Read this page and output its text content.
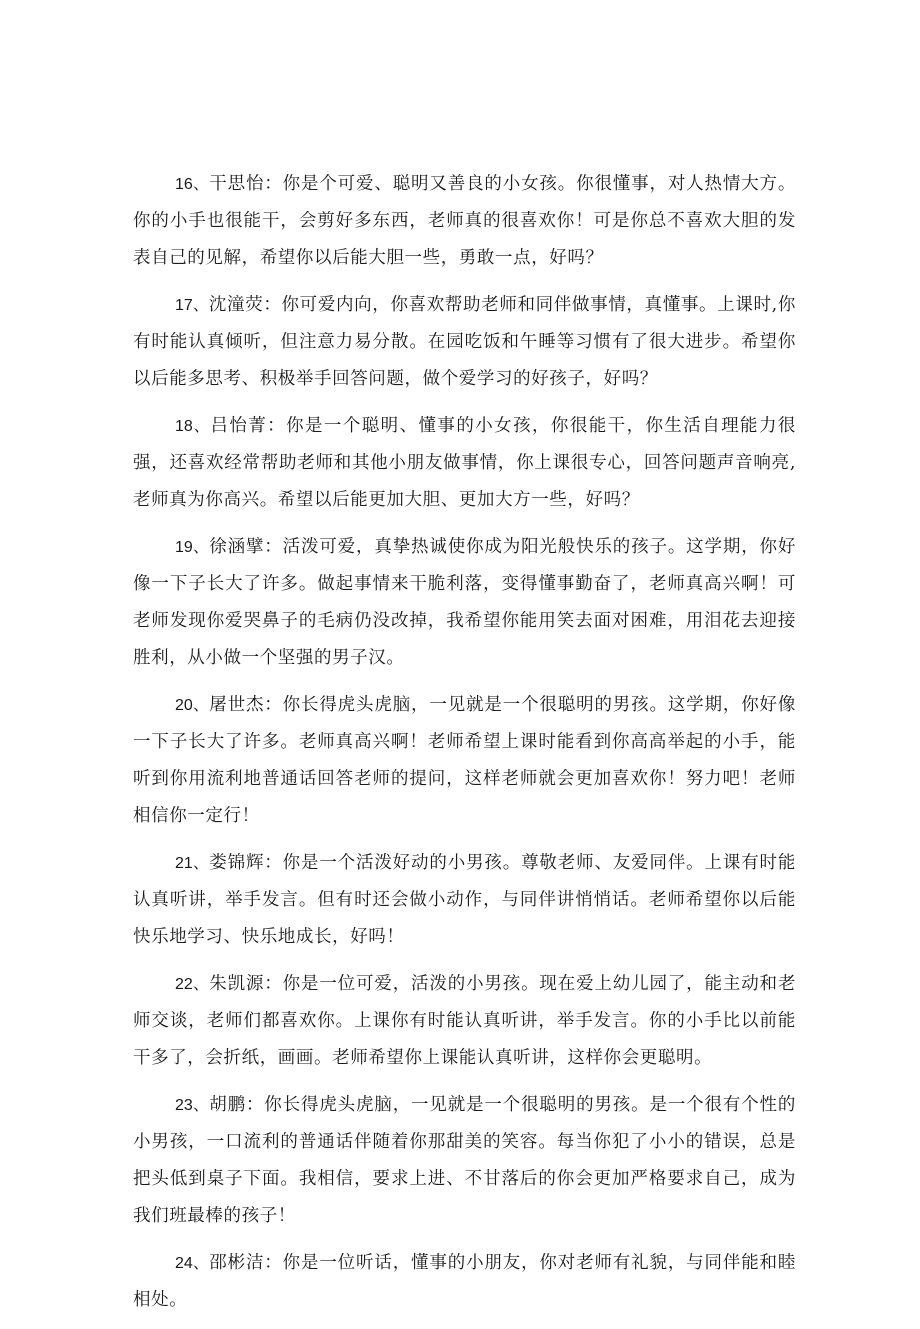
16、干思怡：你是个可爱、聪明又善良的小女孩。你很懂事，对人热情大方。你的小手也很能干，会剪好多东西，老师真的很喜欢你！可是你总不喜欢大胆的发表自己的见解，希望你以后能大胆一些，勇敢一点，好吗？

17、沈潼荧：你可爱内向，你喜欢帮助老师和同伴做事情，真懂事。上课时,你有时能认真倾听，但注意力易分散。在园吃饭和午睡等习惯有了很大进步。希望你以后能多思考、积极举手回答问题，做个爱学习的好孩子，好吗？

18、吕怡菁：你是一个聪明、懂事的小女孩，你很能干，你生活自理能力很强，还喜欢经常帮助老师和其他小朋友做事情，你上课很专心，回答问题声音响亮,老师真为你高兴。希望以后能更加大胆、更加大方一些，好吗？

19、徐涵擘：活泼可爱，真挚热诚使你成为阳光般快乐的孩子。这学期，你好像一下子长大了许多。做起事情来干脆利落，变得懂事勤奋了，老师真高兴啊！可老师发现你爱哭鼻子的毛病仍没改掉，我希望你能用笑去面对困难，用泪花去迎接胜利，从小做一个坚强的男子汉。

20、屠世杰：你长得虎头虎脑，一见就是一个很聪明的男孩。这学期，你好像一下子长大了许多。老师真高兴啊！老师希望上课时能看到你高高举起的小手，能听到你用流利地普通话回答老师的提问，这样老师就会更加喜欢你！努力吧！老师相信你一定行！

21、娄锦辉：你是一个活泼好动的小男孩。尊敬老师、友爱同伴。上课有时能认真听讲，举手发言。但有时还会做小动作，与同伴讲悄悄话。老师希望你以后能快乐地学习、快乐地成长，好吗！

22、朱凯源：你是一位可爱，活泼的小男孩。现在爱上幼儿园了，能主动和老师交谈，老师们都喜欢你。上课你有时能认真听讲，举手发言。你的小手比以前能干多了，会折纸，画画。老师希望你上课能认真听讲，这样你会更聪明。

23、胡鹏：你长得虎头虎脑，一见就是一个很聪明的男孩。是一个很有个性的小男孩，一口流利的普通话伴随着你那甜美的笑容。每当你犯了小小的错误，总是把头低到桌子下面。我相信，要求上进、不甘落后的你会更加严格要求自己，成为我们班最棒的孩子！

24、邵彬洁：你是一位听话，懂事的小朋友，你对老师有礼貌，与同伴能和睦相处。
